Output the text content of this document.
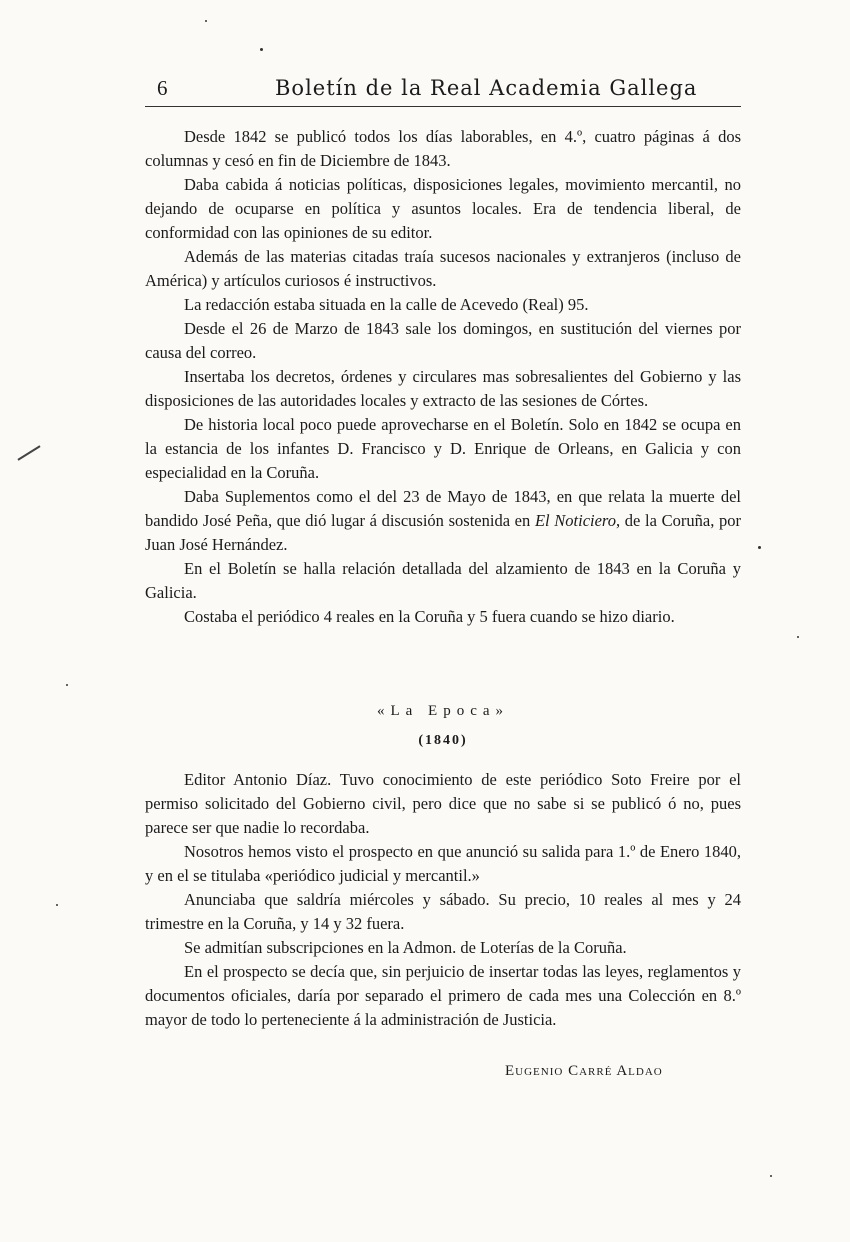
6	Boletín de la Real Academia Gallega

Desde 1842 se publicó todos los días laborables, en 4.º, cuatro páginas á dos columnas y cesó en fin de Diciembre de 1843.

Daba cabida á noticias políticas, disposiciones legales, movimiento mercantil, no dejando de ocuparse en política y asuntos locales. Era de tendencia liberal, de conformidad con las opiniones de su editor.

Además de las materias citadas traía sucesos nacionales y extranjeros (incluso de América) y artículos curiosos é instructivos.

La redacción estaba situada en la calle de Acevedo (Real) 95.

Desde el 26 de Marzo de 1843 sale los domingos, en sustitución del viernes por causa del correo.

Insertaba los decretos, órdenes y circulares mas sobresalientes del Gobierno y las disposiciones de las autoridades locales y extracto de las sesiones de Córtes.

De historia local poco puede aprovecharse en el Boletín. Solo en 1842 se ocupa en la estancia de los infantes D. Francisco y D. Enrique de Orleans, en Galicia y con especialidad en la Coruña.

Daba Suplementos como el del 23 de Mayo de 1843, en que relata la muerte del bandido José Peña, que dió lugar á discusión sostenida en El Noticiero, de la Coruña, por Juan José Hernández.

En el Boletín se halla relación detallada del alzamiento de 1843 en la Coruña y Galicia.

Costaba el periódico 4 reales en la Coruña y 5 fuera cuando se hizo diario.

«La Epoca»
(1840)

Editor Antonio Díaz. Tuvo conocimiento de este periódico Soto Freire por el permiso solicitado del Gobierno civil, pero dice que no sabe si se publicó ó no, pues parece ser que nadie lo recordaba.

Nosotros hemos visto el prospecto en que anunció su salida para 1.º de Enero 1840, y en el se titulaba «periódico judicial y mercantil.»

Anunciaba que saldría miércoles y sábado. Su precio, 10 reales al mes y 24 trimestre en la Coruña, y 14 y 32 fuera.

Se admitían subscripciones en la Admon. de Loterías de la Coruña.

En el prospecto se decía que, sin perjuicio de insertar todas las leyes, reglamentos y documentos oficiales, daría por separado el primero de cada mes una Colección en 8.º mayor de todo lo perteneciente á la administración de Justicia.

Eugenio Carré Aldao
